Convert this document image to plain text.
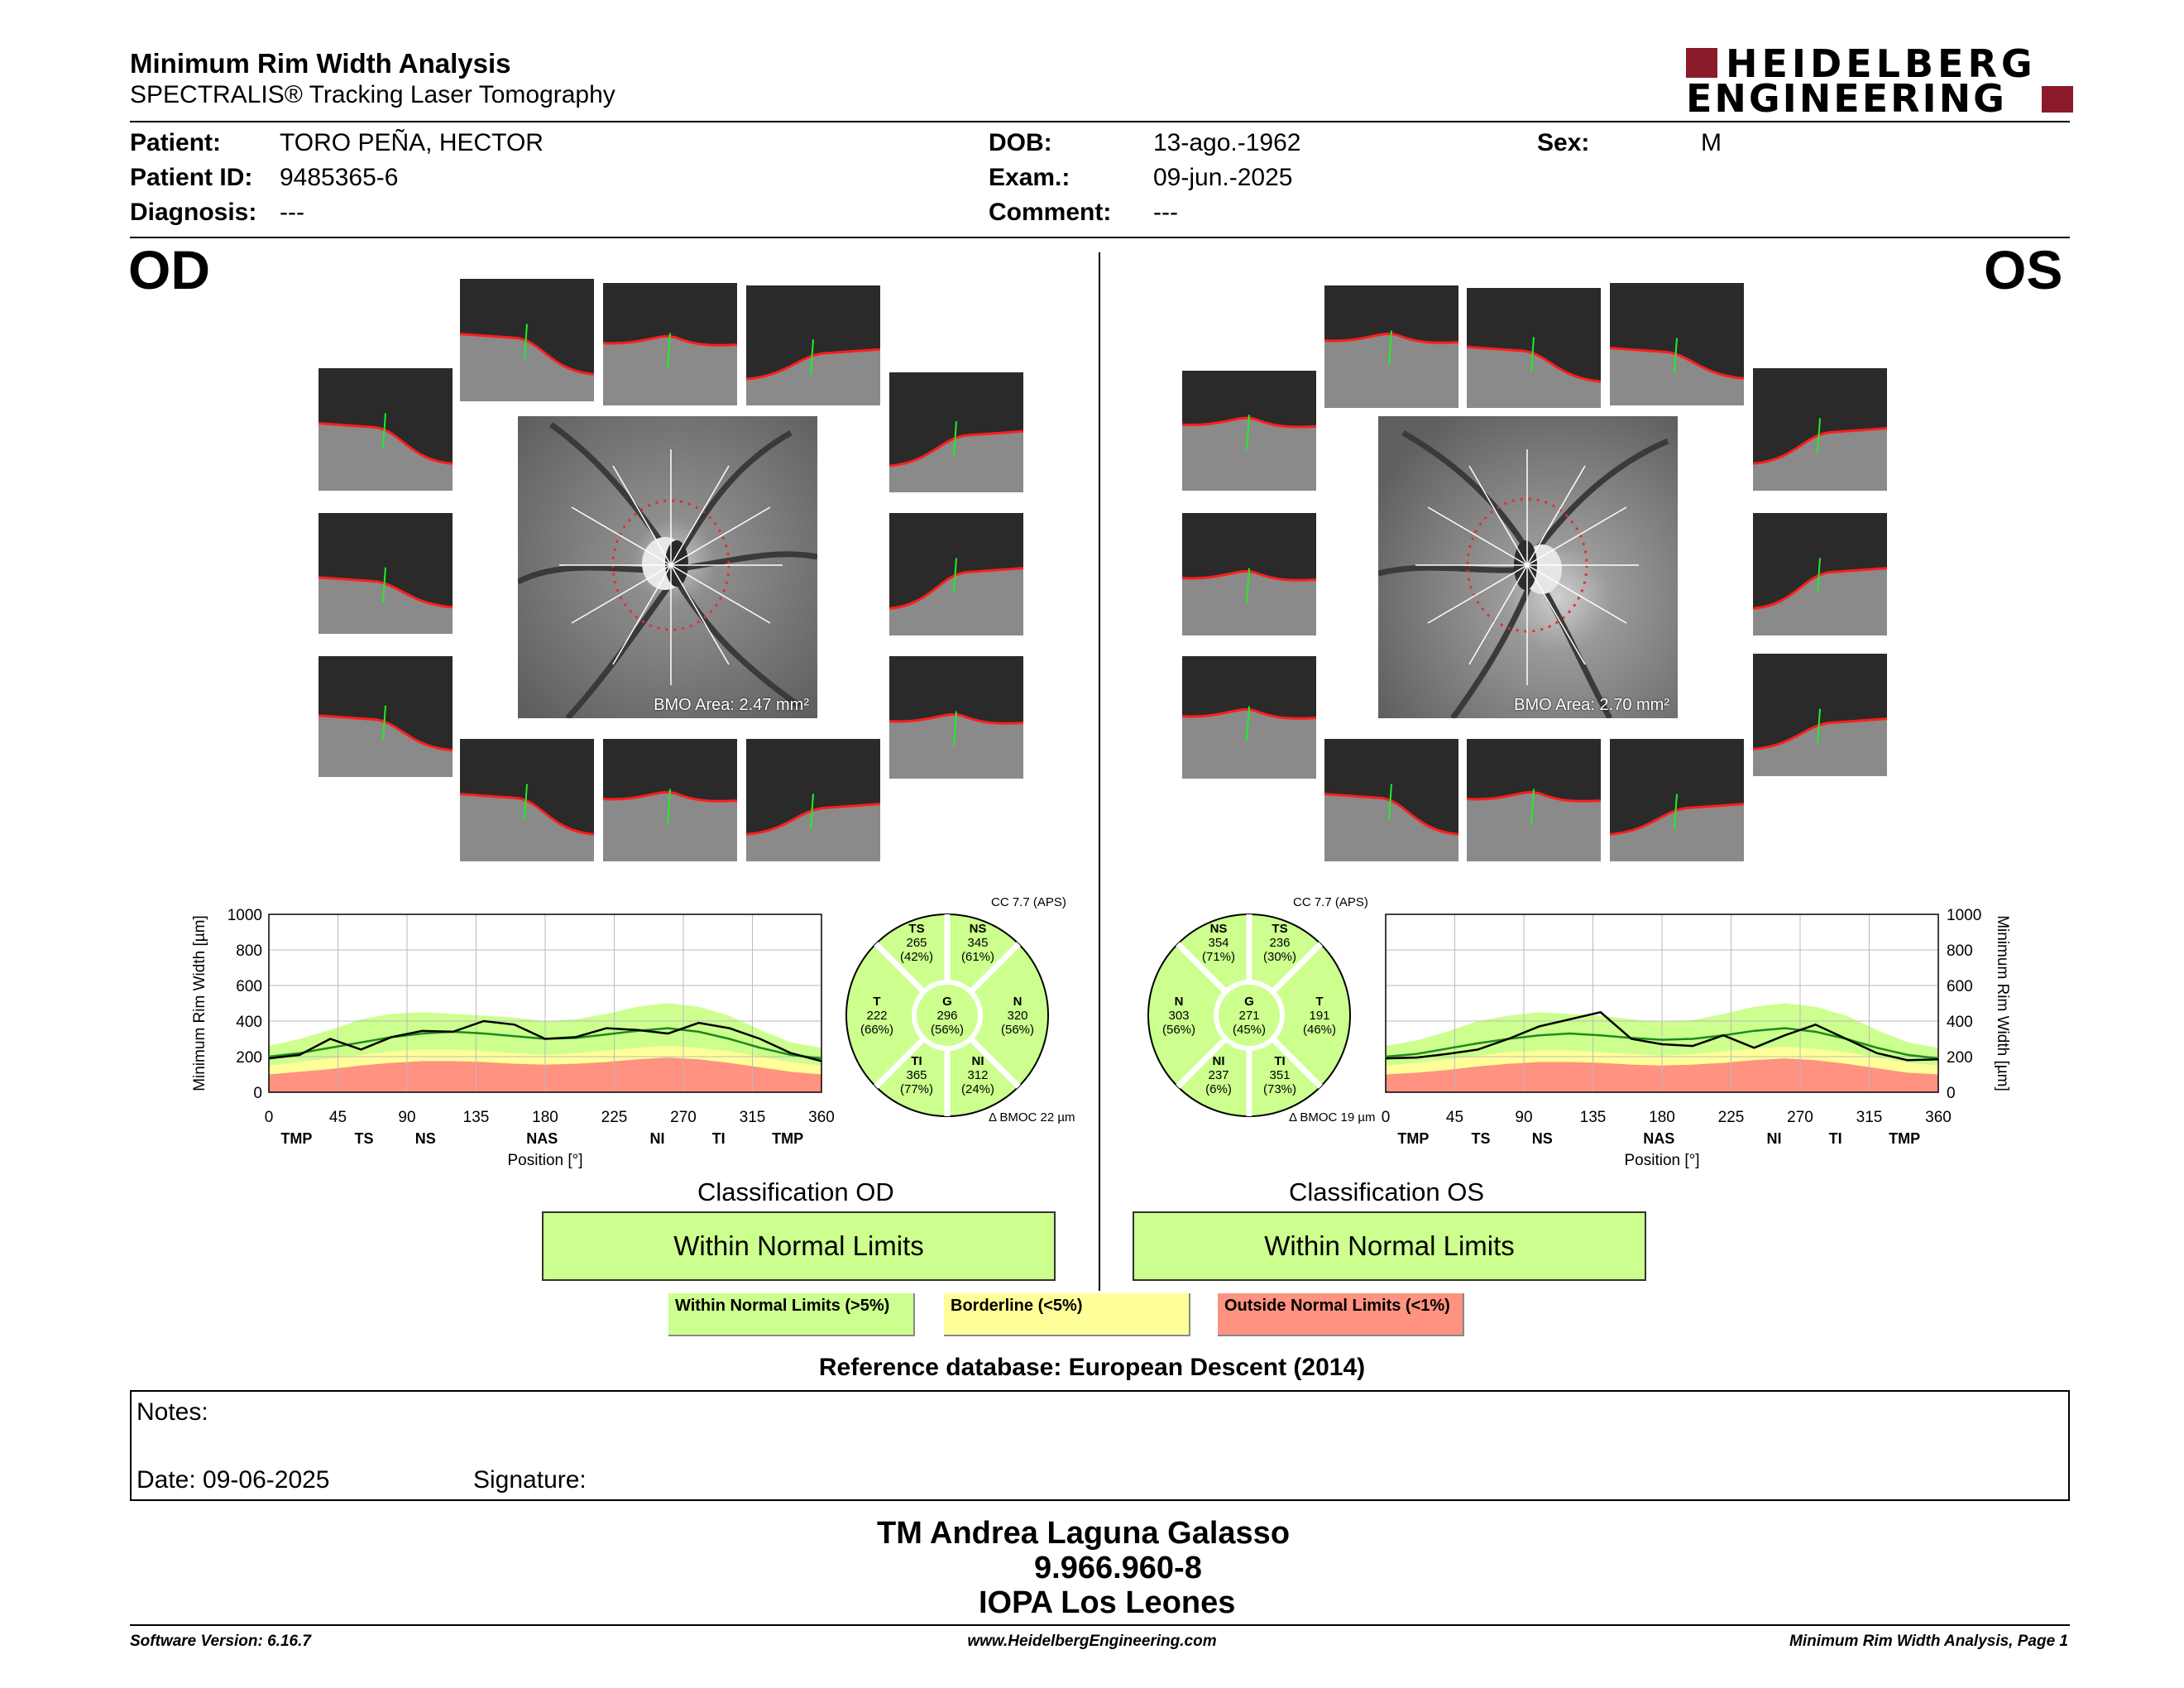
Minimum Rim Width Analysis
SPECTRALIS® Tracking Laser Tomography
HEIDELBERG
ENGINEERING
Patient: TORO PEÑA, HECTOR
Patient ID: 9485365-6
Diagnosis: ---
DOB:	13-ago.-1962
Exam.:	09-jun.-2025
Comment: ---
Sex:	M
OD	OS
BMO Area: 2.47 mm²	BMO Area: 2.70 mm²
0
200
400
600
800
1000
0	45	90	135	180	225	270	315	360
TMP	TS	NS	NAS	NI	TI	TMP
Position [°]
Minimum Rim Width [µm]
0
200
400
600
800
1000
0	45	90	135	180	225	270	315	360
TMP	TS	NS	NAS	NI	TI	TMP
Position [°]
Minimum Rim Width [µm]
CC 7.7 (APS)
TS
265
(42%)
NS
345
(61%)
T
222
(66%)
G
296
(56%)
N
320
(56%)
TI
365
(77%)
NI
312
(24%)
Δ BMOC 22 µm
CC 7.7 (APS)
NS
354
(71%)
TS
236
(30%)
N
303
(56%)
G
271
(45%)
T
191
(46%)
NI
237
(6%)
TI
351
(73%)
Δ BMOC 19 µm
Classification OD
Within Normal Limits
Classification OS
Within Normal Limits
Within Normal Limits (>5%)	Borderline (<5%)	Outside Normal Limits (<1%)
Reference database: European Descent (2014)
Notes:
Date: 09-06-2025	Signature:
TM Andrea Laguna Galasso
9.966.960-8
IOPA Los Leones
Software Version: 6.16.7	www.HeidelbergEngineering.com	Minimum Rim Width Analysis, Page 1
